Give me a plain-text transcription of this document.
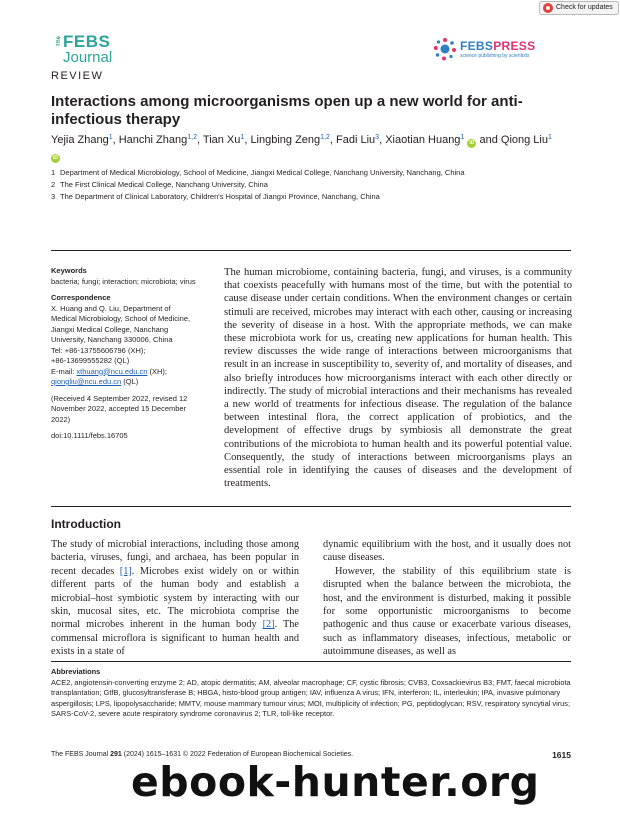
Check for updates
The FEBS
Journal
REVIEW
FEBSPRESS
science publishing by scientists
Interactions among microorganisms open up a new world for anti-infectious therapy
Yejia Zhang$^1$, Hanchi Zhang$^{1,2}$, Tian Xu$^1$, Lingbing Zeng$^{1,2}$, Fadi Liu$^3$, Xiaotian Huang$^1$ iD and Qiong Liu$^1$ iD
1 Department of Medical Microbiology, School of Medicine, Jiangxi Medical College, Nanchang University, Nanchang, China
2 The First Clinical Medical College, Nanchang University, China
3 The Department of Clinical Laboratory, Children's Hospital of Jiangxi Province, Nanchang, China
Keywords
bacteria; fungi; interaction; microbiota; virus
Correspondence
X. Huang and Q. Liu, Department of
Medical Microbiology, School of Medicine,
Jiangxi Medical College, Nanchang
University, Nanchang 330006, China
Tel: +86-13755606796 (XH);
+86-13699555282 (QL)
E-mail: xthuang@ncu.edu.cn (XH);
qiongliu@ncu.edu.cn (QL)
(Received 4 September 2022, revised 12
November 2022, accepted 15 December
2022)
doi:10.1111/febs.16705

The human microbiome, containing bacteria, fungi, and viruses, is a community that coexists peacefully with humans most of the time, but with the potential to cause disease under certain conditions. When the environment changes or certain stimuli are received, microbes may interact with each other, causing or increasing the severity of disease in a host. With the appropriate methods, we can make these microbiota work for us, creating new applications for human health. This review discusses the wide range of interactions between microorganisms that result in an increase in susceptibility to, severity of, and mortality of diseases, and also briefly introduces how microorganisms interact with each other directly or indirectly. The study of microbial interactions and their mechanisms has revealed a new world of treatments for infectious disease. The regulation of the balance between intestinal flora, the correct application of probiotics, and the development of effective drugs by symbiosis all demonstrate the great contributions of the microbiota to human health and its powerful potential value. Consequently, the study of interactions between microorganisms plays an essential role in identifying the causes of diseases and the development of treatments.

Introduction

The study of microbial interactions, including those among bacteria, viruses, fungi, and archaea, has been popular in recent decades [1]. Microbes exist widely on or within different parts of the human body and establish a microbial–host symbiotic system by interacting with our skin, mucosal sites, etc. The microbiota comprise the normal microbes inherent in the human body [2]. The commensal microflora is significant to human health and exists in a state of

dynamic equilibrium with the host, and it usually does not cause diseases.

However, the stability of this equilibrium state is disrupted when the balance between the microbiota, the host, and the environment is disturbed, making it possible for some opportunistic microorganisms to become pathogenic and thus cause or exacerbate various diseases, such as inflammatory diseases, infectious, metabolic or autoimmune diseases, as well as

Abbreviations
ACE2, angiotensin-converting enzyme 2; AD, atopic dermatitis; AM, alveolar macrophage; CF, cystic fibrosis; CVB3, Coxsackievirus B3; FMT, faecal microbiota transplantation; GtfB, glucosyltransferase B; HBGA, histo-blood group antigen; IAV, influenza A virus; IFN, interferon; IL, interleukin; IPA, invasive pulmonary aspergillosis; LPS, lipopolysaccharide; MMTV, mouse mammary tumour virus; MOI, multiplicity of infection; PG, peptidoglycan; RSV, respiratory syncytial virus; SARS-CoV-2, severe acute respiratory syndrome coronavirus 2; TLR, toll-like receptor.
The FEBS Journal 291 (2024) 1615–1631 © 2022 Federation of European Biochemical Societies.	1615
ebook-hunter.org
